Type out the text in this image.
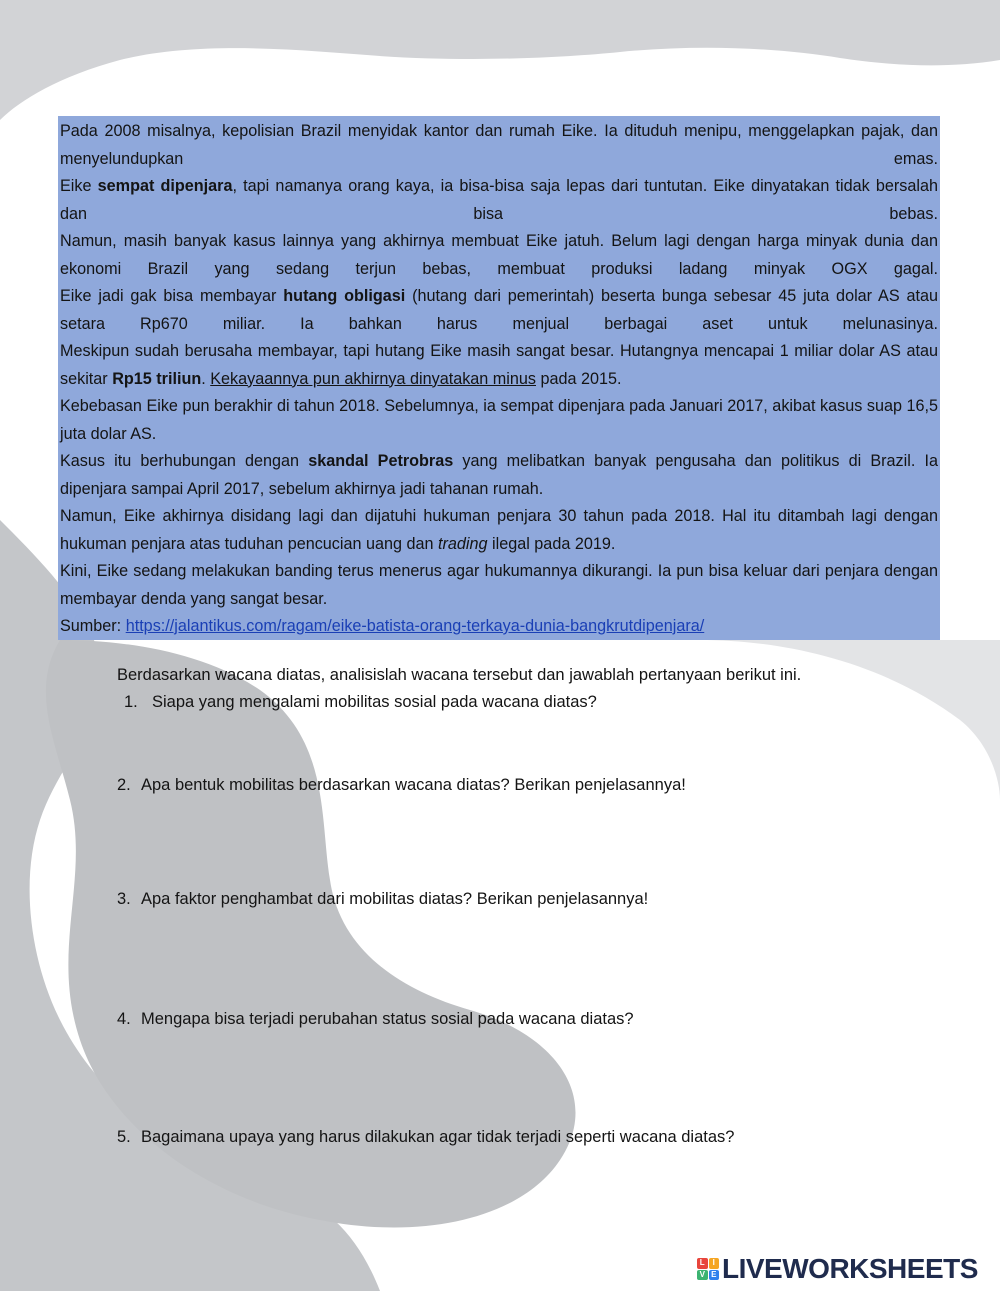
Pada 2008 misalnya, kepolisian Brazil menyidak kantor dan rumah Eike. Ia dituduh menipu, menggelapkan pajak, dan menyelundupkan emas.

Eike sempat dipenjara, tapi namanya orang kaya, ia bisa-bisa saja lepas dari tuntutan. Eike dinyatakan tidak bersalah dan bisa bebas.

Namun, masih banyak kasus lainnya yang akhirnya membuat Eike jatuh. Belum lagi dengan harga minyak dunia dan ekonomi Brazil yang sedang terjun bebas, membuat produksi ladang minyak OGX gagal.

Eike jadi gak bisa membayar hutang obligasi (hutang dari pemerintah) beserta bunga sebesar 45 juta dolar AS atau setara Rp670 miliar. Ia bahkan harus menjual berbagai aset untuk melunasinya.

Meskipun sudah berusaha membayar, tapi hutang Eike masih sangat besar. Hutangnya mencapai 1 miliar dolar AS atau sekitar Rp15 triliun. Kekayaannya pun akhirnya dinyatakan minus pada 2015.

Kebebasan Eike pun berakhir di tahun 2018. Sebelumnya, ia sempat dipenjara pada Januari 2017, akibat kasus suap 16,5 juta dolar AS.

Kasus itu berhubungan dengan skandal Petrobras yang melibatkan banyak pengusaha dan politikus di Brazil. Ia dipenjara sampai April 2017, sebelum akhirnya jadi tahanan rumah.

Namun, Eike akhirnya disidang lagi dan dijatuhi hukuman penjara 30 tahun pada 2018. Hal itu ditambah lagi dengan hukuman penjara atas tuduhan pencucian uang dan trading ilegal pada 2019.

Kini, Eike sedang melakukan banding terus menerus agar hukumannya dikurangi. Ia pun bisa keluar dari penjara dengan membayar denda yang sangat besar.

Sumber: https://jalantikus.com/ragam/eike-batista-orang-terkaya-dunia-bangkrutdipenjara/

Berdasarkan wacana diatas, analisislah wacana tersebut dan jawablah pertanyaan berikut ini.
1. Siapa yang mengalami mobilitas sosial pada wacana diatas?
2. Apa bentuk mobilitas berdasarkan wacana diatas? Berikan penjelasannya!
3. Apa faktor penghambat dari mobilitas diatas? Berikan penjelasannya!
4. Mengapa bisa terjadi perubahan status sosial pada wacana diatas?
5. Bagaimana upaya yang harus dilakukan agar tidak terjadi seperti wacana diatas?
L I
V E LIVEWORKSHEETS
